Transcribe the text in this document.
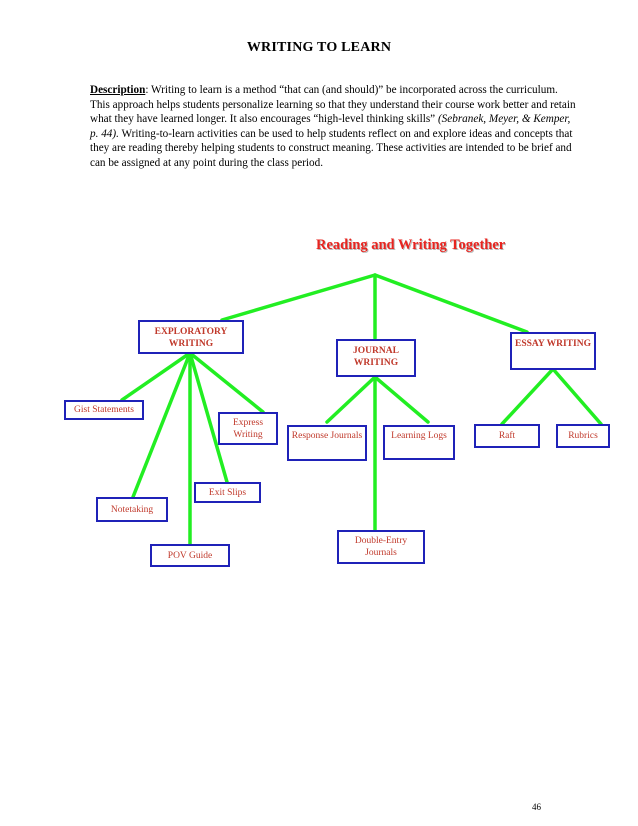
WRITING TO LEARN
Description: Writing to learn is a method “that can (and should)” be incorporated across the curriculum. This approach helps students personalize learning so that they understand their course work better and retain what they have learned longer. It also encourages “high-level thinking skills” (Sebranek, Meyer, & Kemper, p. 44). Writing-to-learn activities can be used to help students reflect on and explore ideas and concepts that they are reading thereby helping students to construct meaning. These activities are intended to be brief and can be assigned at any point during the class period.
Reading and Writing Together
EXPLORATORY WRITING
JOURNAL WRITING
ESSAY WRITING
Gist Statements
Express Writing
Exit Slips
Notetaking
POV Guide
Response Journals	Learning Logs
Double-Entry Journals
Raft	Rubrics
46
